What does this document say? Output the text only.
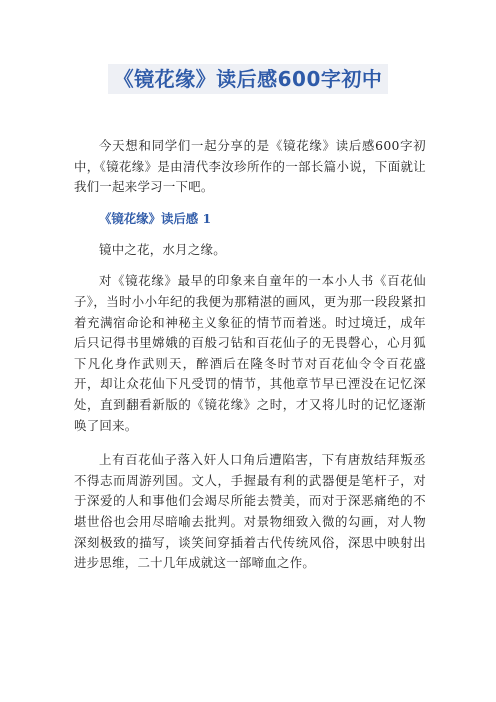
《镜花缘》读后感600字初中

今天想和同学们一起分享的是《镜花缘》读后感600字初中，《镜花缘》是由清代李汝珍所作的一部长篇小说，下面就让我们一起来学习一下吧。

《镜花缘》读后感 1

镜中之花，水月之缘。

对《镜花缘》最早的印象来自童年的一本小人书《百花仙子》，当时小小年纪的我便为那精湛的画风，更为那一段段紧扣着充满宿命论和神秘主义象征的情节而着迷。时过境迁，成年后只记得书里嫦娥的百般刁钻和百花仙子的无畏磬心，心月狐下凡化身作武则天，醉酒后在隆冬时节对百花仙令令百花盛开，却让众花仙下凡受罚的情节，其他章节早已湮没在记忆深处，直到翻看新版的《镜花缘》之时，才又将儿时的记忆逐渐唤了回来。

上有百花仙子落入奸人口角后遭陷害，下有唐敖结拜叛丞不得志而周游列国。文人，手握最有利的武器便是笔杆子，对于深爱的人和事他们会竭尽所能去赞美，而对于深恶痛绝的不堪世俗也会用尽暗喻去批判。对景物细致入微的勾画，对人物深刻极致的描写，谈笑间穿插着古代传统风俗，深思中映射出进步思维，二十几年成就这一部啼血之作。
